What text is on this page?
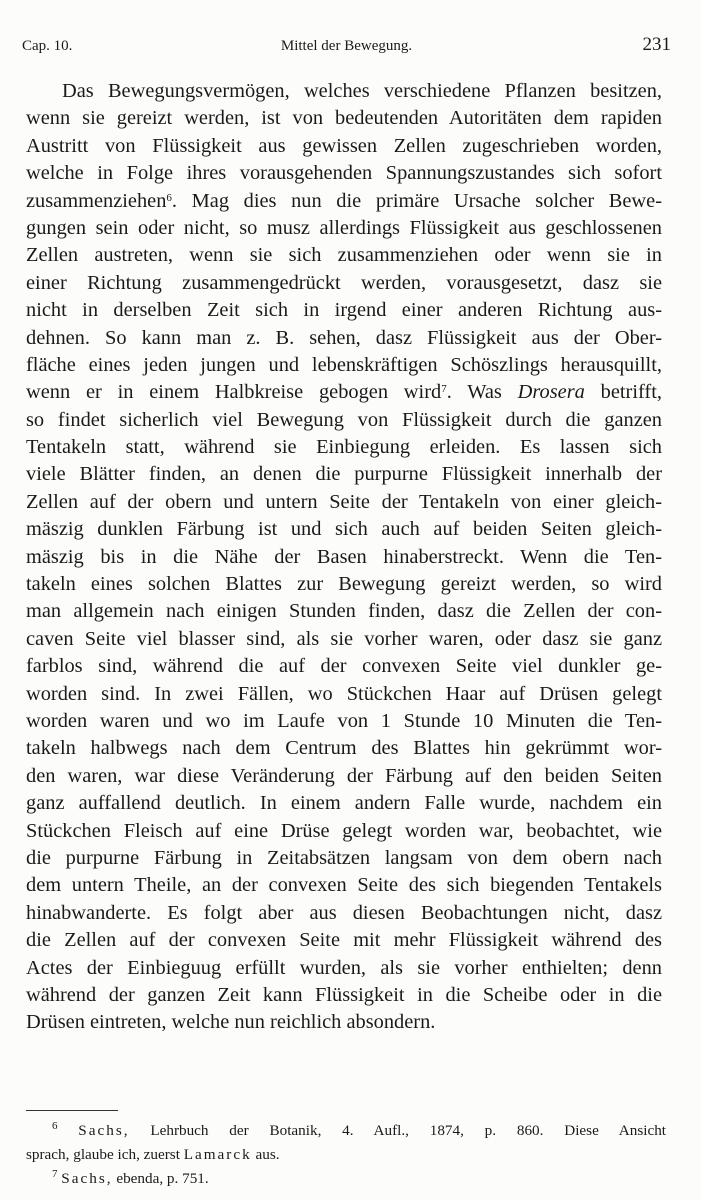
Cap. 10.	Mittel der Bewegung.	231
Das Bewegungsvermögen, welches verschiedene Pflanzen besitzen,
wenn sie gereizt werden, ist von bedeutenden Autoritäten dem rapiden
Austritt von Flüssigkeit aus gewissen Zellen zugeschrieben worden,
welche in Folge ihres vorausgehenden Spannungszustandes sich sofort
zusammenziehen$^6$. Mag dies nun die primäre Ursache solcher Bewe-
gungen sein oder nicht, so musz allerdings Flüssigkeit aus geschlossenen
Zellen austreten, wenn sie sich zusammenziehen oder wenn sie in
einer Richtung zusammengedrückt werden, vorausgesetzt, dasz sie
nicht in derselben Zeit sich in irgend einer anderen Richtung aus-
dehnen. So kann man z. B. sehen, dasz Flüssigkeit aus der Ober-
fläche eines jeden jungen und lebenskräftigen Schöszlings herausquillt,
wenn er in einem Halbkreise gebogen wird$^7$. Was Drosera betrifft,
so findet sicherlich viel Bewegung von Flüssigkeit durch die ganzen
Tentakeln statt, während sie Einbiegung erleiden. Es lassen sich
viele Blätter finden, an denen die purpurne Flüssigkeit innerhalb der
Zellen auf der obern und untern Seite der Tentakeln von einer gleich-
mäszig dunklen Färbung ist und sich auch auf beiden Seiten gleich-
mäszig bis in die Nähe der Basen hinaberstreckt. Wenn die Ten-
takeln eines solchen Blattes zur Bewegung gereizt werden, so wird
man allgemein nach einigen Stunden finden, dasz die Zellen der con-
caven Seite viel blasser sind, als sie vorher waren, oder dasz sie ganz
farblos sind, während die auf der convexen Seite viel dunkler ge-
worden sind. In zwei Fällen, wo Stückchen Haar auf Drüsen gelegt
worden waren und wo im Laufe von 1 Stunde 10 Minuten die Ten-
takeln halbwegs nach dem Centrum des Blattes hin gekrümmt wor-
den waren, war diese Veränderung der Färbung auf den beiden Seiten
ganz auffallend deutlich. In einem andern Falle wurde, nachdem ein
Stückchen Fleisch auf eine Drüse gelegt worden war, beobachtet, wie
die purpurne Färbung in Zeitabsätzen langsam von dem obern nach
dem untern Theile, an der convexen Seite des sich biegenden Tentakels
hinabwanderte. Es folgt aber aus diesen Beobachtungen nicht, dasz
die Zellen auf der convexen Seite mit mehr Flüssigkeit während des
Actes der Einbieguug erfüllt wurden, als sie vorher enthielten; denn
während der ganzen Zeit kann Flüssigkeit in die Scheibe oder in die
Drüsen eintreten, welche nun reichlich absondern.
$^6$ Sachs, Lehrbuch der Botanik, 4. Aufl., 1874, p. 860. Diese Ansicht
sprach, glaube ich, zuerst Lamarck aus.
$^7$ Sachs, ebenda, p. 751.
